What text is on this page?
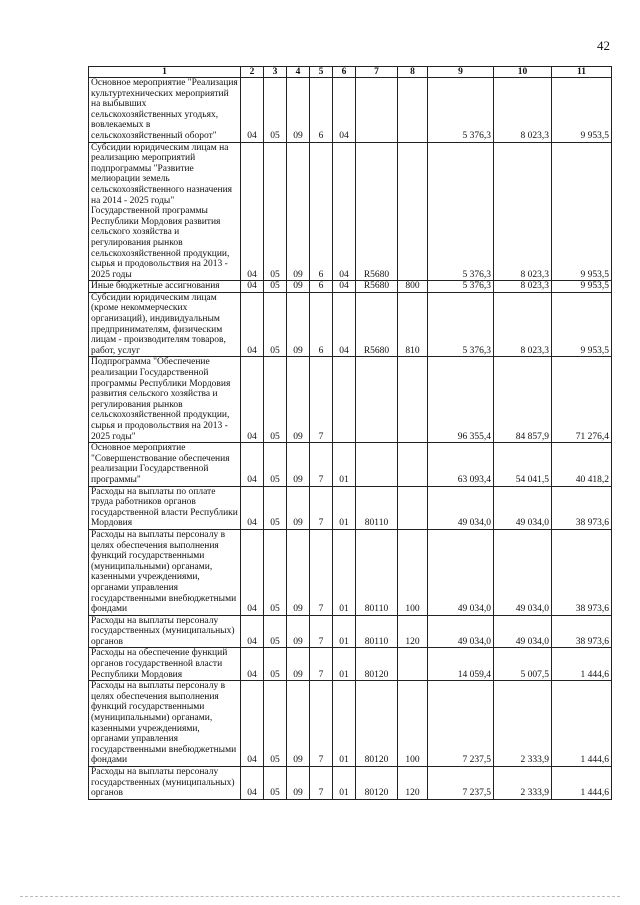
42
1	2	3	4	5	6	7	8	9	10	11
Основное мероприятие "Реализация культуртехнических мероприятий на выбывших сельскохозяйственных угодьях, вовлекаемых в сельскохозяйственный оборот"	04	05	09	6	04			5 376,3	8 023,3	9 953,5
Субсидии юридическим лицам на реализацию мероприятий подпрограммы "Развитие мелиорации земель сельскохозяйственного назначения на 2014 - 2025 годы" Государственной программы Республики Мордовия развития сельского хозяйства и регулирования рынков сельскохозяйственной продукции, сырья и продовольствия на 2013 - 2025 годы	04	05	09	6	04	R5680		5 376,3	8 023,3	9 953,5
Иные бюджетные ассигнования	04	05	09	6	04	R5680	800	5 376,3	8 023,3	9 953,5
Субсидии юридическим лицам (кроме некоммерческих организаций), индивидуальным предпринимателям, физическим лицам - производителям товаров, работ, услуг	04	05	09	6	04	R5680	810	5 376,3	8 023,3	9 953,5
Подпрограмма "Обеспечение реализации Государственной программы Республики Мордовия развития сельского хозяйства и регулирования рынков сельскохозяйственной продукции, сырья и продовольствия на 2013 - 2025 годы"	04	05	09	7				96 355,4	84 857,9	71 276,4
Основное мероприятие "Совершенствование обеспечения реализации Государственной программы"	04	05	09	7	01			63 093,4	54 041,5	40 418,2
Расходы на выплаты по оплате труда работников органов государственной власти Республики Мордовия	04	05	09	7	01	80110		49 034,0	49 034,0	38 973,6
Расходы на выплаты персоналу в целях обеспечения выполнения функций государственными (муниципальными) органами, казенными учреждениями, органами управления государственными внебюджетными фондами	04	05	09	7	01	80110	100	49 034,0	49 034,0	38 973,6
Расходы на выплаты персоналу государственных (муниципальных) органов	04	05	09	7	01	80110	120	49 034,0	49 034,0	38 973,6
Расходы на обеспечение функций органов государственной власти Республики Мордовия	04	05	09	7	01	80120		14 059,4	5 007,5	1 444,6
Расходы на выплаты персоналу в целях обеспечения выполнения функций государственными (муниципальными) органами, казенными учреждениями, органами управления государственными внебюджетными фондами	04	05	09	7	01	80120	100	7 237,5	2 333,9	1 444,6
Расходы на выплаты персоналу государственных (муниципальных) органов	04	05	09	7	01	80120	120	7 237,5	2 333,9	1 444,6
